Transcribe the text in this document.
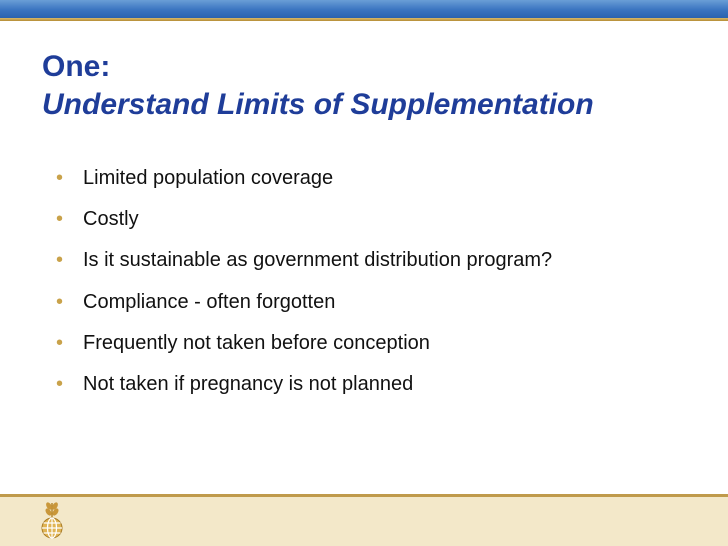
One:
Understand Limits of Supplementation
• Limited population coverage
• Costly
• Is it sustainable as government distribution program?
• Compliance - often forgotten
• Frequently not taken before conception
• Not taken if pregnancy is not planned
